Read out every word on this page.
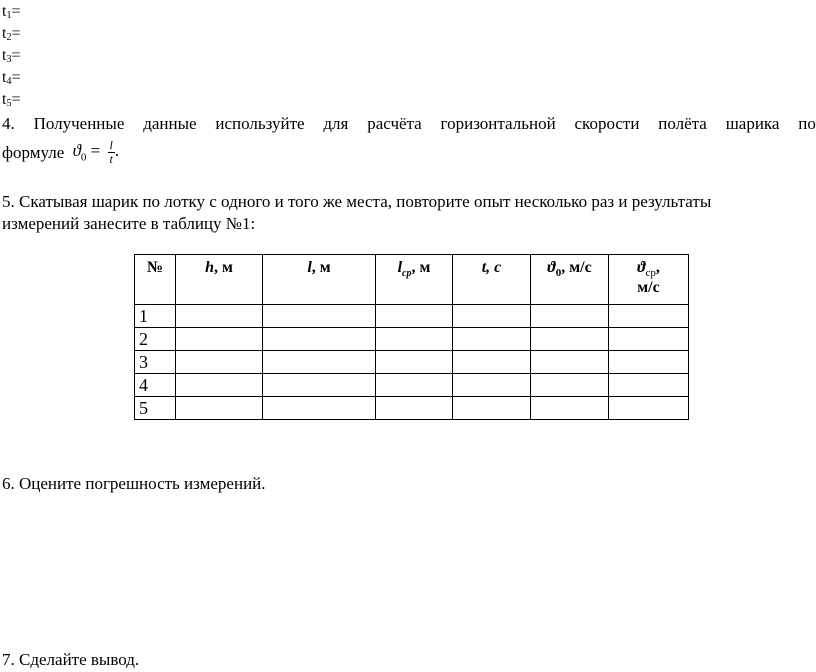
$t_1=$
$t_2=$
$t_3=$
$t_4=$
$t_5=$
4. Полученные данные используйте для расчёта горизонтальной скорости полёта шарика по
формуле $ϑ_0 = \frac{l}{t}$ .
5. Скатывая шарик по лотку с одного и того же места, повторите опыт несколько раз и результаты
измерений занесите в таблицу №1:
№	h, м	l, м	$l_{ср}$, м	t, с	$ϑ_0$, м/с	$ϑ_{ср}$,
м/с
1						
2						
3						
4						
5						
6. Оцените погрешность измерений.
7. Сделайте вывод.
